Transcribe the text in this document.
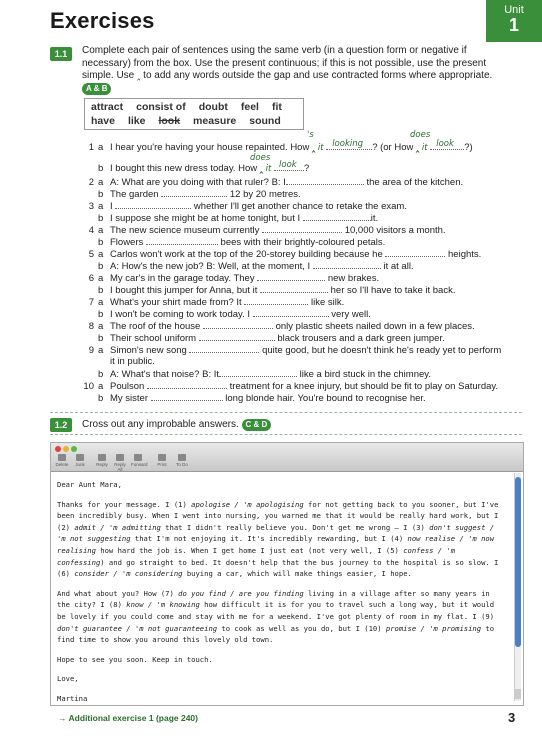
Exercises	Unit
1
1.1	Complete each pair of sentences using the same verb (in a question form or negative if
necessary) from the box. Use the present continuous; if this is not possible, use the present
simple. Use ‸ to add any words outside the gap and use contracted forms where appropriate.
A & B
attract consist of doubt feel fit
have like look measure sound
's	does
does
1 a I hear you're having your house repainted. How ‸ it looking ? (or How ‸ it look ?)
b I bought this new dress today. How ‸ it look ?
2 a A: What are you doing with that ruler? B: I	the area of the kitchen.
b The garden	12 by 20 metres.
3 a I	whether I'll get another chance to retake the exam.
b I suppose she might be at home tonight, but I	it.
4 a The new science museum currently	10,000 visitors a month.
b Flowers	bees with their brightly-coloured petals.
5 a Carlos won't work at the top of the 20-storey building because he	heights.
b A: How's the new job? B: Well, at the moment, I	it at all.
6 a My car's in the garage today. They	new brakes.
b I bought this jumper for Anna, but it	her so I'll have to take it back.
7 a What's your shirt made from? It	like silk.
b I won't be coming to work today. I	very well.
8 a The roof of the house	only plastic sheets nailed down in a few places.
b Their school uniform	black trousers and a dark green jumper.
9 a Simon's new song	quite good, but he doesn't think he's ready yet to perform
it in public.
b A: What's that noise? B: It	like a bird stuck in the chimney.
10 a Poulson	treatment for a knee injury, but should be fit to play on Saturday.
b My sister	long blonde hair. You're bound to recognise her.
1.2	Cross out any improbable answers. C & D
Delete	Junk	Reply Reply All
Forward	Print	To Do

Dear Aunt Mara,

Thanks for your message. I (1) apologise / 'm apologising for not getting back to you sooner, but I've been incredibly busy. When I went into nursing, you warned me that it would be really hard work, but I (2) admit / 'm admitting that I didn't really believe you. Don't get me wrong – I (3) don't suggest / 'm not suggesting that I'm not enjoying it. It's incredibly rewarding, but I (4) now realise / 'm now realising how hard the job is. When I get home I just eat (not very well, I (5) confess / 'm confessing) and go straight to bed. It doesn't help that the bus journey to the hospital is so slow. I (6) consider / 'm considering buying a car, which will make things easier, I hope.

And what about you? How (7) do you find / are you finding living in a village after so many years in the city? I (8) know / 'm knowing how difficult it is for you to travel such a long way, but it would be lovely if you could come and stay with me for a weekend. I've got plenty of room in my flat. I (9) don't guarantee / 'm not guaranteeing to cook as well as you do, but I (10) promise / 'm promising to find time to show you around this lovely old town.

Hope to see you soon. Keep in touch.

Love,

Martina

→ Additional exercise 1 (page 240)	3
